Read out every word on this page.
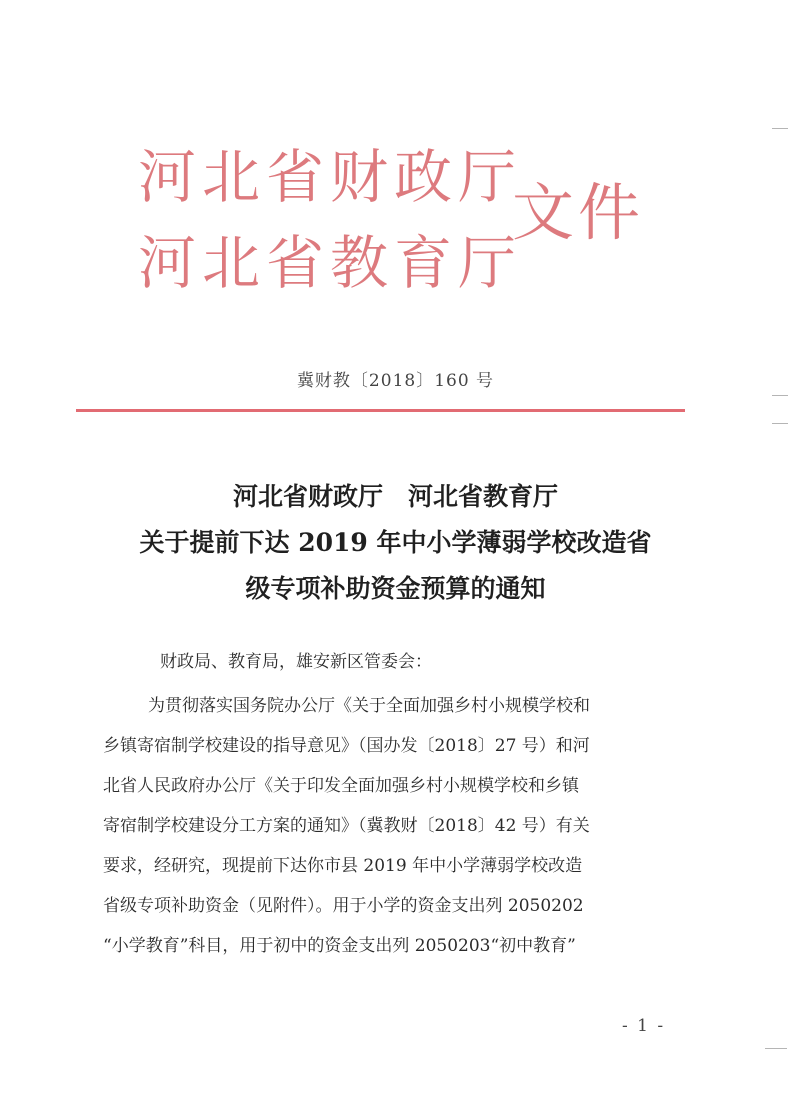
河北省财政厅
河北省教育厅
文件
冀财教〔2018〕160 号
河北省财政厅　河北省教育厅
关于提前下达 2019 年中小学薄弱学校改造省
级专项补助资金预算的通知
财政局、教育局，雄安新区管委会：
为贯彻落实国务院办公厅《关于全面加强乡村小规模学校和
乡镇寄宿制学校建设的指导意见》（国办发〔2018〕27 号）和河
北省人民政府办公厅《关于印发全面加强乡村小规模学校和乡镇
寄宿制学校建设分工方案的通知》（冀教财〔2018〕42 号）有关
要求，经研究，现提前下达你市县 2019 年中小学薄弱学校改造
省级专项补助资金（见附件）。用于小学的资金支出列 2050202
“小学教育”科目，用于初中的资金支出列 2050203“初中教育”
- 1 -
